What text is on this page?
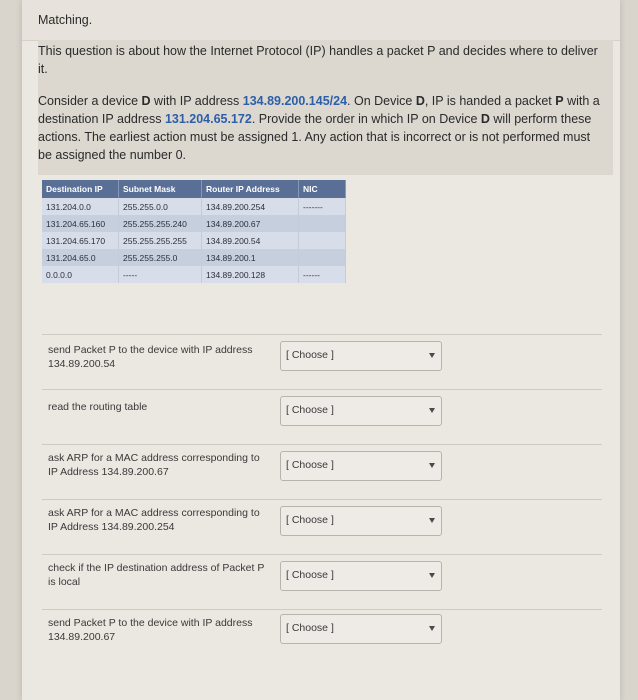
Matching.
This question is about how the Internet Protocol (IP) handles a packet P and decides where to deliver it.
Consider a device D with IP address 134.89.200.145/24. On Device D, IP is handed a packet P with a destination IP address 131.204.65.172. Provide the order in which IP on Device D will perform these actions. The earliest action must be assigned 1. Any action that is incorrect or is not performed must be assigned the number 0.
Destination IP	Subnet Mask	Router IP Address	NIC
131.204.0.0	255.255.0.0	134.89.200.254	-------
131.204.65.160	255.255.255.240	134.89.200.67	
131.204.65.170	255.255.255.255	134.89.200.54	
131.204.65.0	255.255.255.0	134.89.200.1	
0.0.0.0	-----	134.89.200.128	------
send Packet P to the device with IP address 134.89.200.54
[ Choose ]
read the routing table	[ Choose ]
ask ARP for a MAC address corresponding to IP Address 134.89.200.67
[ Choose ]
ask ARP for a MAC address corresponding to IP Address 134.89.200.254
[ Choose ]
check if the IP destination address of Packet P is local
[ Choose ]
send Packet P to the device with IP address 134.89.200.67
[ Choose ]
